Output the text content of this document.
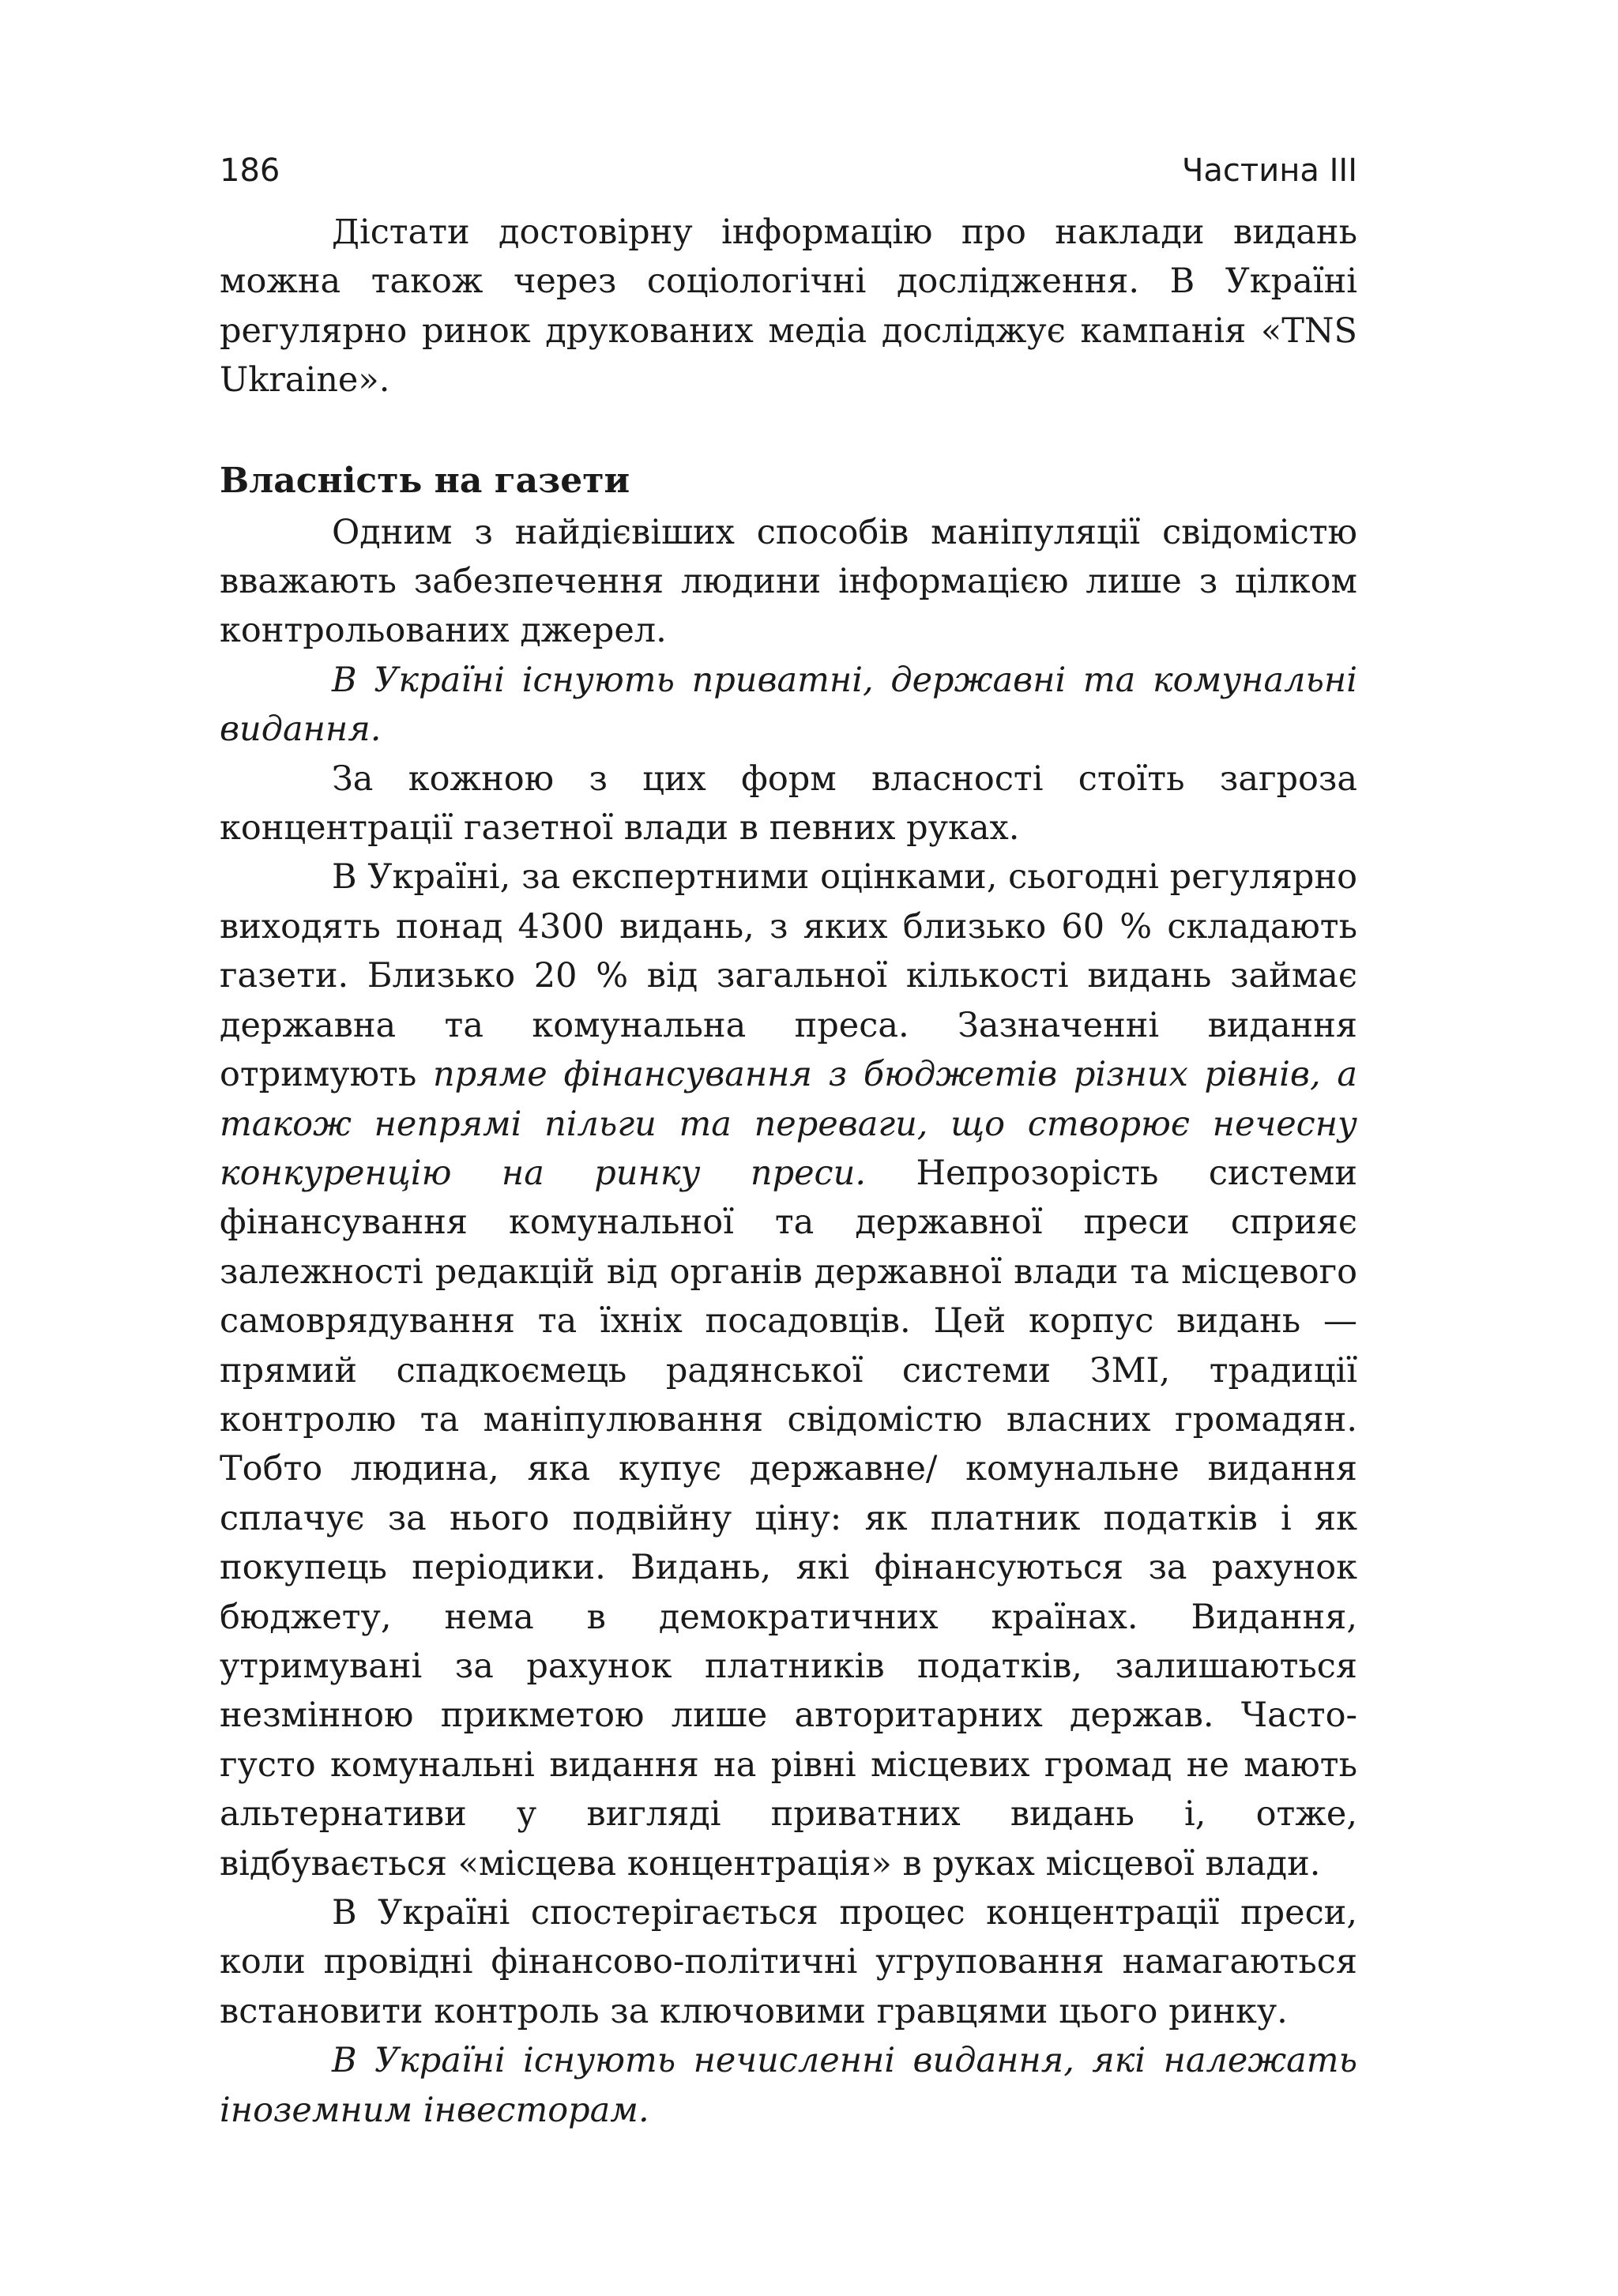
186	Частина III

Дістати достовірну інформацію про наклади видань можна також через соціологічні дослідження. В Україні регулярно ринок друкованих медіа досліджує кампанія «TNS Ukraine».

Власність на газети

Одним з найдієвіших способів маніпуляції свідомістю вважають забезпечення людини інформацією лише з цілком контрольованих джерел.

В Україні існують приватні, державні та комунальні видання.

За кожною з цих форм власності стоїть загроза концентрації газетної влади в певних руках.

В Україні, за експертними оцінками, сьогодні регулярно виходять понад 4300 видань, з яких близько 60 % складають газети. Близько 20 % від загальної кількості видань займає державна та комунальна преса. Зазначенні видання отримують пряме фінансування з бюджетів різних рівнів, а також непрямі пільги та переваги, що створює нечесну конкуренцію на ринку преси. Непрозорість системи фінансування комунальної та державної преси сприяє залежності редакцій від органів державної влади та місцевого самоврядування та їхніх посадовців. Цей корпус видань — прямий спадкоємець радянської системи ЗМІ, традиції контролю та маніпулювання свідомістю власних громадян. Тобто людина, яка купує державне/ комунальне видання сплачує за нього подвійну ціну: як платник податків і як покупець періодики. Видань, які фінансуються за рахунок бюджету, нема в демократичних країнах. Видання, утримувані за рахунок платників податків, залишаються незмінною прикметою лише авторитарних держав. Часто-густо комунальні видання на рівні місцевих громад не мають альтернативи у вигляді приватних видань і, отже, відбувається «місцева концентрація» в руках місцевої влади.

В Україні спостерігається процес концентрації преси, коли провідні фінансово-політичні угруповання намагаються встановити контроль за ключовими гравцями цього ринку.

В Україні існують нечисленні видання, які належать іноземним інвесторам.
